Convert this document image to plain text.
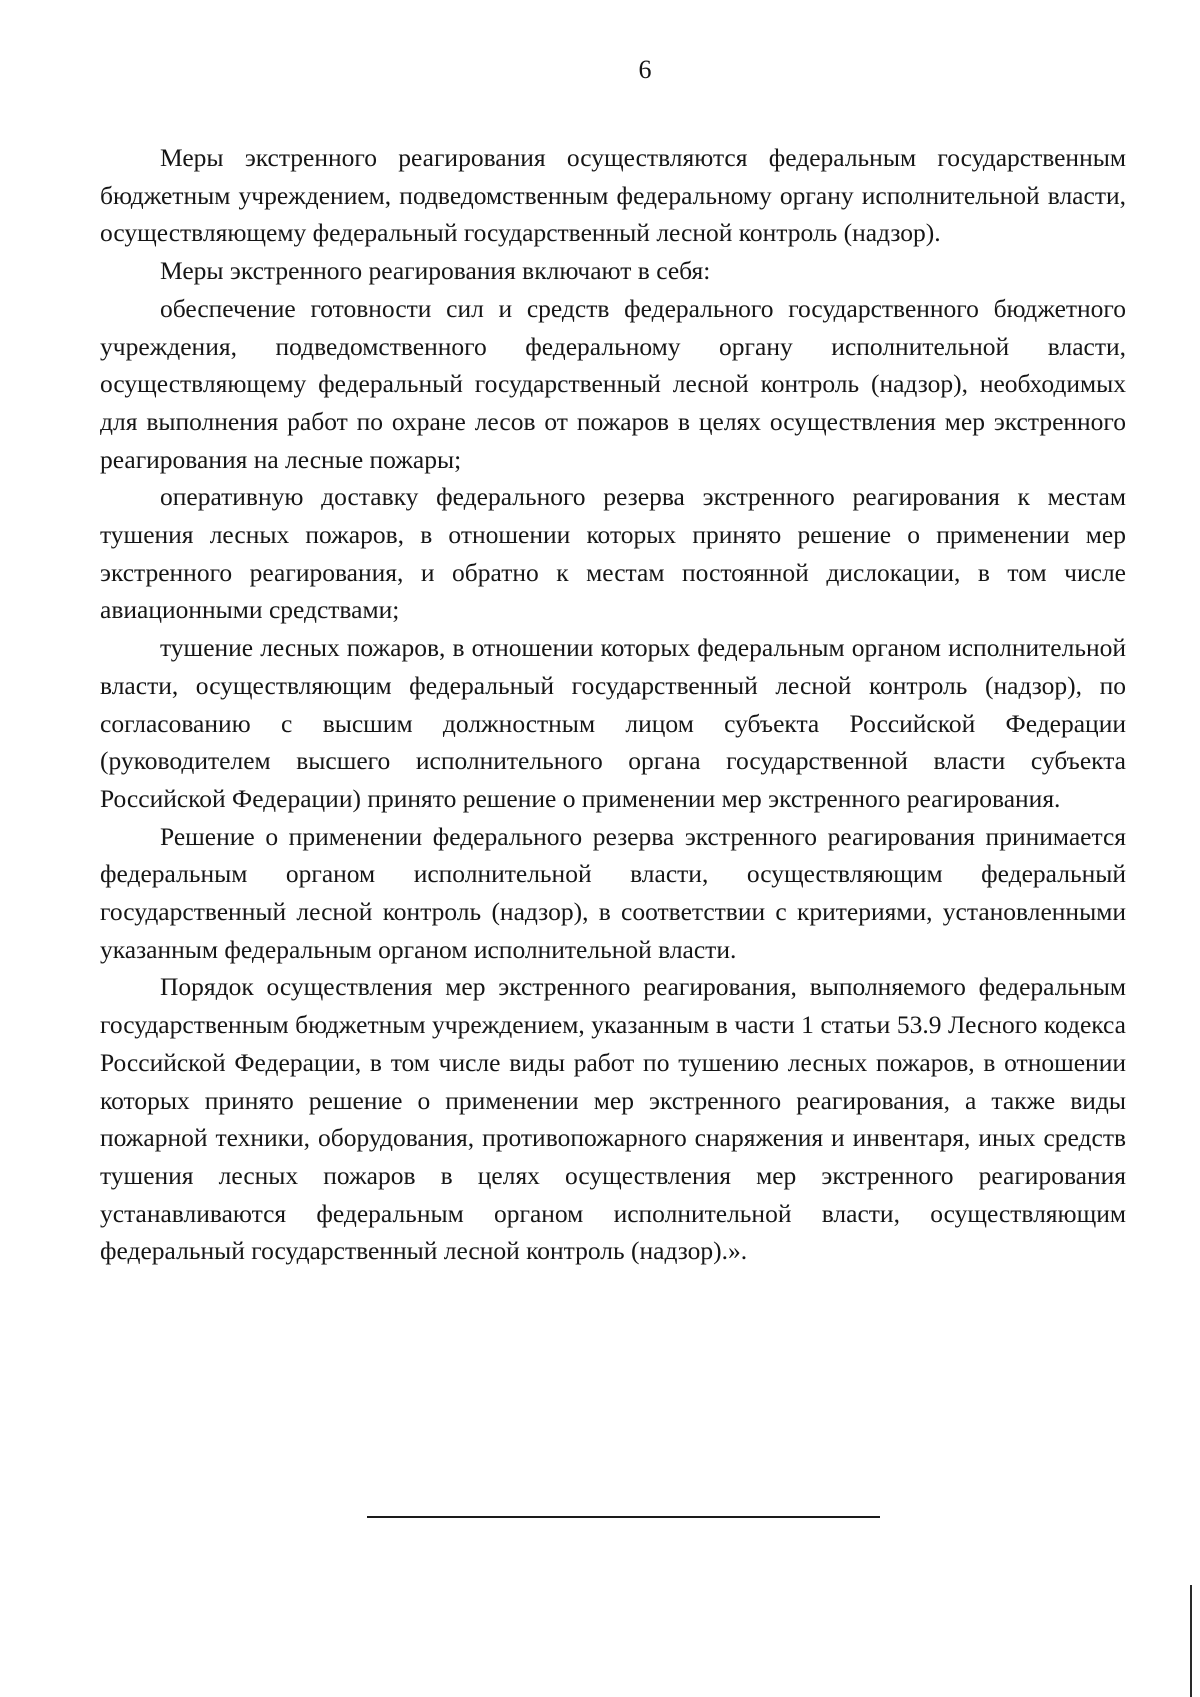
6

Меры экстренного реагирования осуществляются федеральным государственным бюджетным учреждением, подведомственным федеральному органу исполнительной власти, осуществляющему федеральный государственный лесной контроль (надзор).

Меры экстренного реагирования включают в себя:

обеспечение готовности сил и средств федерального государственного бюджетного учреждения, подведомственного федеральному органу исполнительной власти, осуществляющему федеральный государственный лесной контроль (надзор), необходимых для выполнения работ по охране лесов от пожаров в целях осуществления мер экстренного реагирования на лесные пожары;

оперативную доставку федерального резерва экстренного реагирования к местам тушения лесных пожаров, в отношении которых принято решение о применении мер экстренного реагирования, и обратно к местам постоянной дислокации, в том числе авиационными средствами;

тушение лесных пожаров, в отношении которых федеральным органом исполнительной власти, осуществляющим федеральный государственный лесной контроль (надзор), по согласованию с высшим должностным лицом субъекта Российской Федерации (руководителем высшего исполнительного органа государственной власти субъекта Российской Федерации) принято решение о применении мер экстренного реагирования.

Решение о применении федерального резерва экстренного реагирования принимается федеральным органом исполнительной власти, осуществляющим федеральный государственный лесной контроль (надзор), в соответствии с критериями, установленными указанным федеральным органом исполнительной власти.

Порядок осуществления мер экстренного реагирования, выполняемого федеральным государственным бюджетным учреждением, указанным в части 1 статьи 53.9 Лесного кодекса Российской Федерации, в том числе виды работ по тушению лесных пожаров, в отношении которых принято решение о применении мер экстренного реагирования, а также виды пожарной техники, оборудования, противопожарного снаряжения и инвентаря, иных средств тушения лесных пожаров в целях осуществления мер экстренного реагирования устанавливаются федеральным органом исполнительной власти, осуществляющим федеральный государственный лесной контроль (надзор).».
